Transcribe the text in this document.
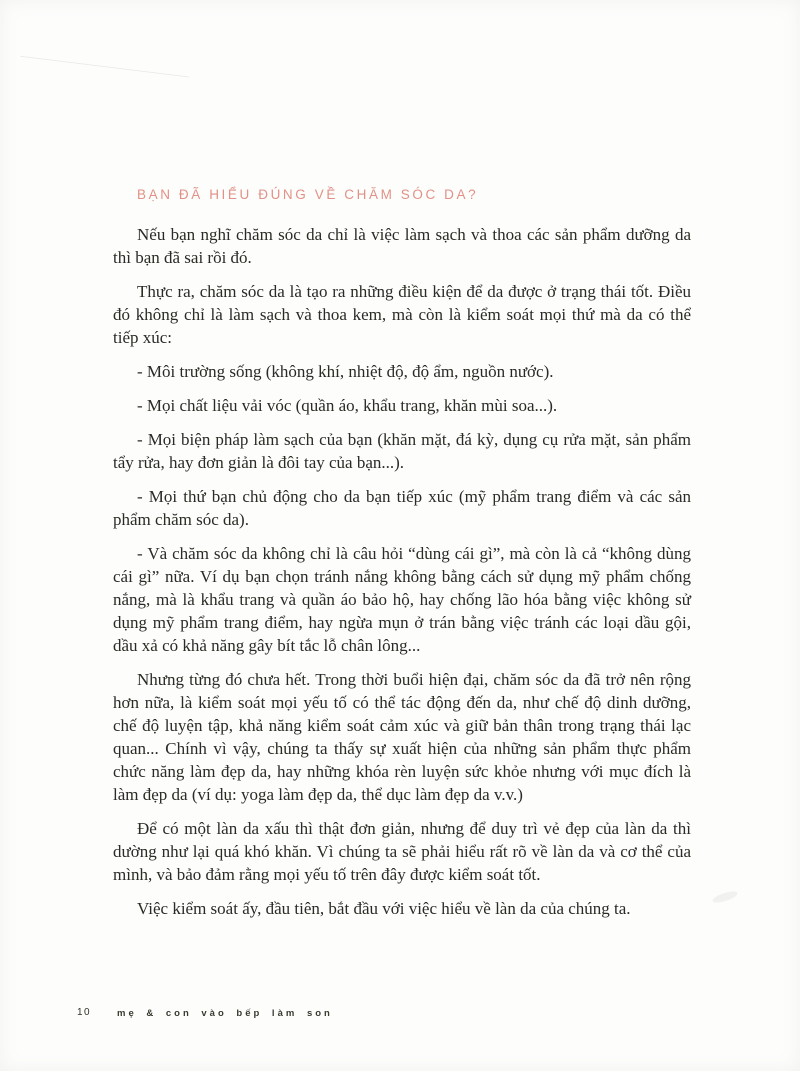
BẠN ĐÃ HIỂU ĐÚNG VỀ CHĂM SÓC DA?

Nếu bạn nghĩ chăm sóc da chỉ là việc làm sạch và thoa các sản phẩm dưỡng da thì bạn đã sai rồi đó.

Thực ra, chăm sóc da là tạo ra những điều kiện để da được ở trạng thái tốt. Điều đó không chỉ là làm sạch và thoa kem, mà còn là kiểm soát mọi thứ mà da có thể tiếp xúc:

- Môi trường sống (không khí, nhiệt độ, độ ẩm, nguồn nước).

- Mọi chất liệu vải vóc (quần áo, khẩu trang, khăn mùi soa...).

- Mọi biện pháp làm sạch của bạn (khăn mặt, đá kỳ, dụng cụ rửa mặt, sản phẩm tẩy rửa, hay đơn giản là đôi tay của bạn...).

- Mọi thứ bạn chủ động cho da bạn tiếp xúc (mỹ phẩm trang điểm và các sản phẩm chăm sóc da).

- Và chăm sóc da không chỉ là câu hỏi “dùng cái gì”, mà còn là cả “không dùng cái gì” nữa. Ví dụ bạn chọn tránh nắng không bằng cách sử dụng mỹ phẩm chống nắng, mà là khẩu trang và quần áo bảo hộ, hay chống lão hóa bằng việc không sử dụng mỹ phẩm trang điểm, hay ngừa mụn ở trán bằng việc tránh các loại dầu gội, dầu xả có khả năng gây bít tắc lỗ chân lông...

Nhưng từng đó chưa hết. Trong thời buổi hiện đại, chăm sóc da đã trở nên rộng hơn nữa, là kiểm soát mọi yếu tố có thể tác động đến da, như chế độ dinh dưỡng, chế độ luyện tập, khả năng kiểm soát cảm xúc và giữ bản thân trong trạng thái lạc quan... Chính vì vậy, chúng ta thấy sự xuất hiện của những sản phẩm thực phẩm chức năng làm đẹp da, hay những khóa rèn luyện sức khỏe nhưng với mục đích là làm đẹp da (ví dụ: yoga làm đẹp da, thể dục làm đẹp da v.v.)

Để có một làn da xấu thì thật đơn giản, nhưng để duy trì vẻ đẹp của làn da thì dường như lại quá khó khăn. Vì chúng ta sẽ phải hiểu rất rõ về làn da và cơ thể của mình, và bảo đảm rằng mọi yếu tố trên đây được kiểm soát tốt.

Việc kiểm soát ấy, đầu tiên, bắt đầu với việc hiểu về làn da của chúng ta.

10	mẹ & con vào bếp làm son
